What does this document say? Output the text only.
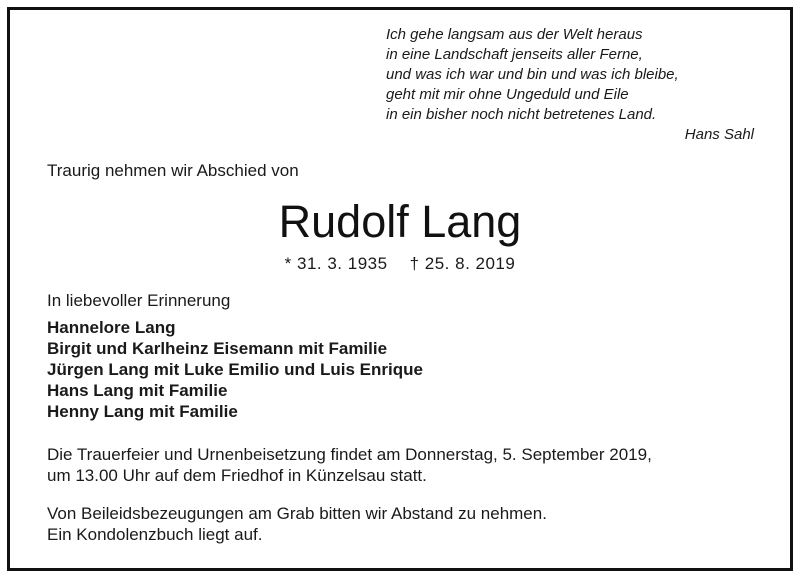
Ich gehe langsam aus der Welt heraus
in eine Landschaft jenseits aller Ferne,
und was ich war und bin und was ich bleibe,
geht mit mir ohne Ungeduld und Eile
in ein bisher noch nicht betretenes Land.
Hans Sahl
Traurig nehmen wir Abschied von
Rudolf Lang
* 31. 3. 1935 † 25. 8. 2019
In liebevoller Erinnerung
Hannelore Lang
Birgit und Karlheinz Eisemann mit Familie
Jürgen Lang mit Luke Emilio und Luis Enrique
Hans Lang mit Familie
Henny Lang mit Familie
Die Trauerfeier und Urnenbeisetzung findet am Donnerstag, 5. September 2019,
um 13.00 Uhr auf dem Friedhof in Künzelsau statt.
Von Beileidsbezeugungen am Grab bitten wir Abstand zu nehmen.
Ein Kondolenzbuch liegt auf.
